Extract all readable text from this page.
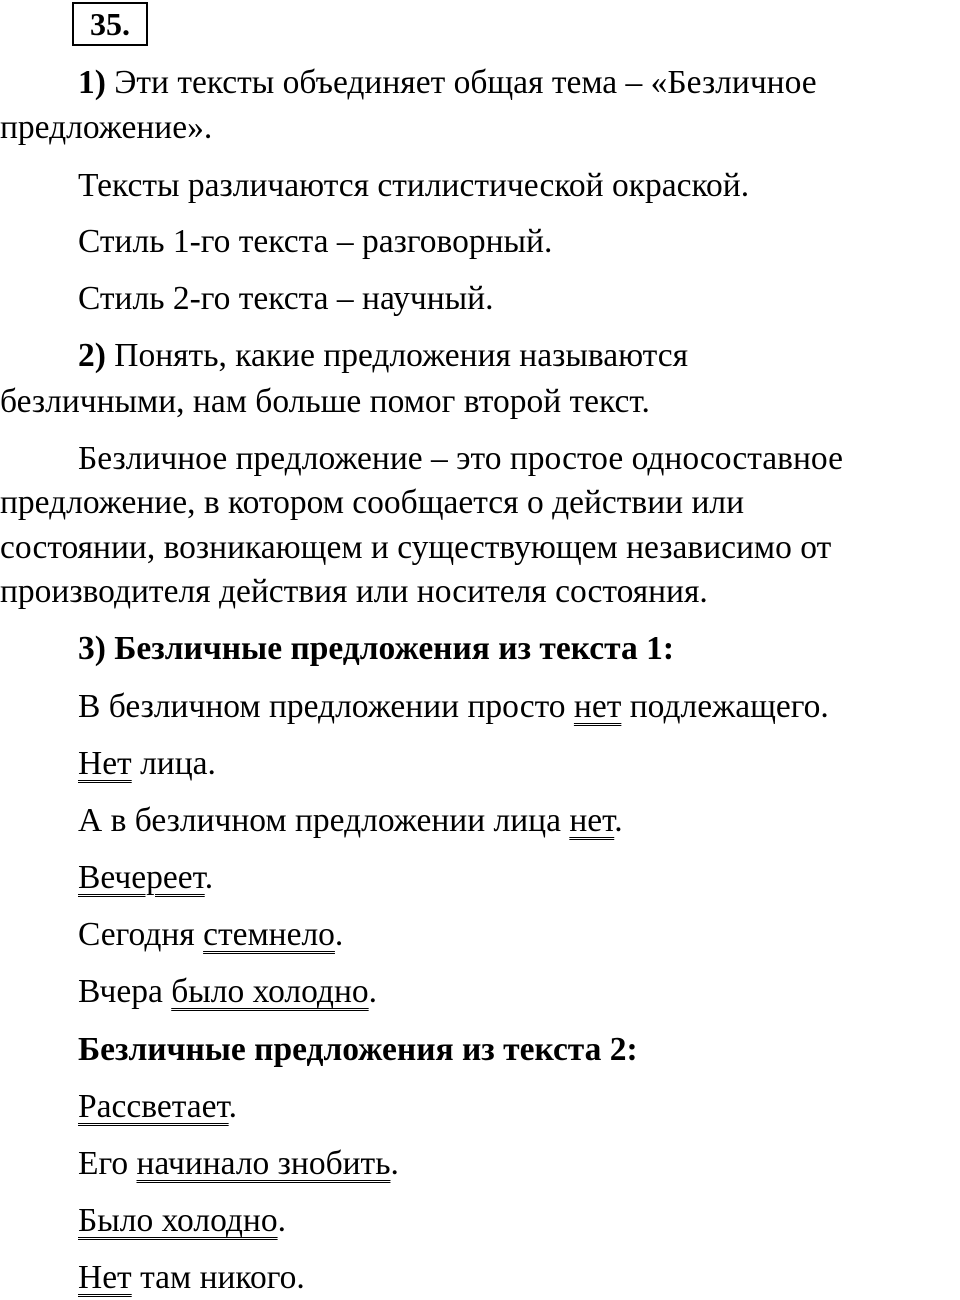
35.
1) Эти тексты объединяет общая тема – «Безличное
предложение».
Тексты различаются стилистической окраской.
Стиль 1-го текста – разговорный.
Стиль 2-го текста – научный.
2) Понять, какие предложения называются
безличными, нам больше помог второй текст.
Безличное предложение – это простое односоставное
предложение, в котором сообщается о действии или
состоянии, возникающем и существующем независимо от
производителя действия или носителя состояния.
3) Безличные предложения из текста 1:
В безличном предложении просто нет подлежащего.
Нет лица.
А в безличном предложении лица нет.
Вечереет.
Сегодня стемнело.
Вчера было холодно.
Безличные предложения из текста 2:
Рассветает.
Его начинало знобить.
Было холодно.
Нет там никого.
